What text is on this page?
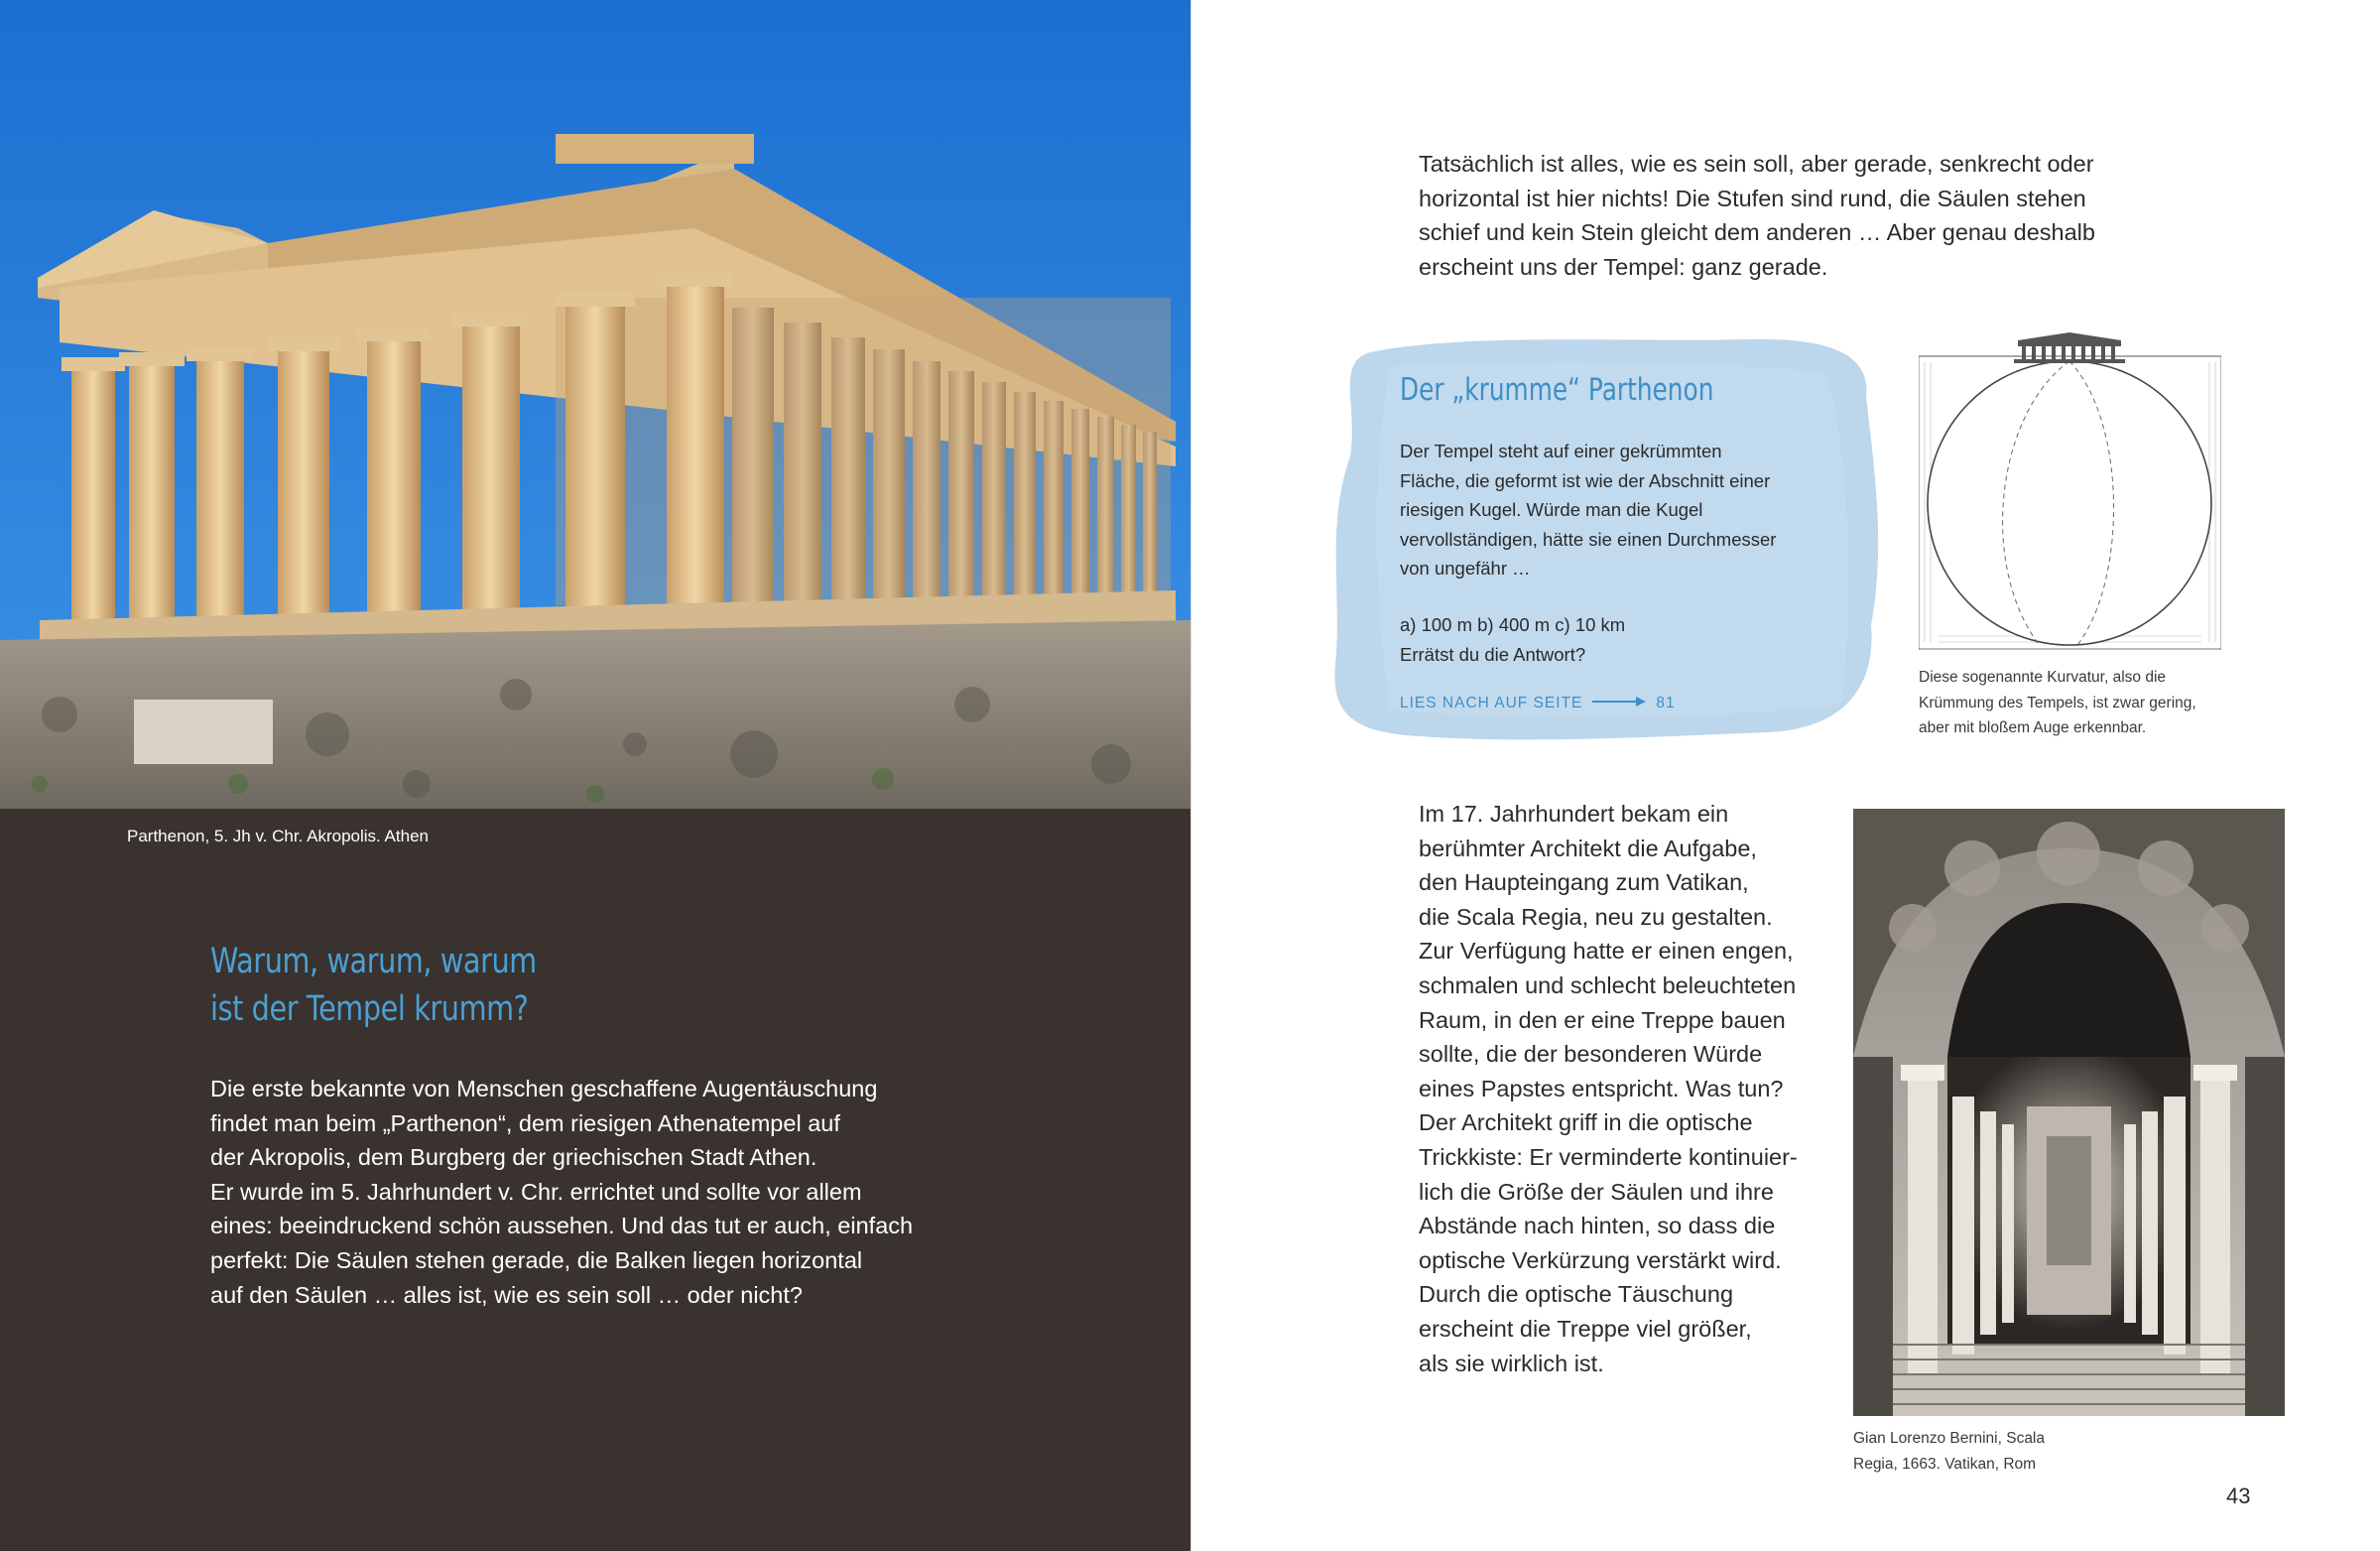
Parthenon, 5. Jh v. Chr. Akropolis. Athen
Warum, warum, warum
ist der Tempel krumm?
Die erste bekannte von Menschen geschaffene Augentäuschung
findet man beim „Parthenon“, dem riesigen Athenatempel auf
der Akropolis, dem Burgberg der griechischen Stadt Athen.
Er wurde im 5. Jahrhundert v. Chr. errichtet und sollte vor allem
eines: beeindruckend schön aussehen. Und das tut er auch, einfach
perfekt: Die Säulen stehen gerade, die Balken liegen horizontal
auf den Säulen … alles ist, wie es sein soll … oder nicht?
Tatsächlich ist alles, wie es sein soll, aber gerade, senkrecht oder
horizontal ist hier nichts! Die Stufen sind rund, die Säulen stehen
schief und kein Stein gleicht dem anderen … Aber genau deshalb
erscheint uns der Tempel: ganz gerade.
Der „krumme“ Parthenon
Der Tempel steht auf einer gekrümmten
Fläche, die geformt ist wie der Abschnitt einer
riesigen Kugel. Würde man die Kugel
vervollständigen, hätte sie einen Durchmesser
von ungefähr …
a) 100 m b) 400 m c) 10 km
Errätst du die Antwort?
LIES NACH AUF SEITE	81
Diese sogenannte Kurvatur, also die
Krümmung des Tempels, ist zwar gering,
aber mit bloßem Auge erkennbar.
Im 17. Jahrhundert bekam ein
berühmter Architekt die Aufgabe,
den Haupteingang zum Vatikan,
die Scala Regia, neu zu gestalten.
Zur Verfügung hatte er einen engen,
schmalen und schlecht beleuchteten
Raum, in den er eine Treppe bauen
sollte, die der besonderen Würde
eines Papstes entspricht. Was tun?
Der Architekt griff in die optische
Trickkiste: Er verminderte kontinuier-
lich die Größe der Säulen und ihre
Abstände nach hinten, so dass die
optische Verkürzung verstärkt wird.
Durch die optische Täuschung
erscheint die Treppe viel größer,
als sie wirklich ist.
Gian Lorenzo Bernini, Scala
Regia, 1663. Vatikan, Rom
43
